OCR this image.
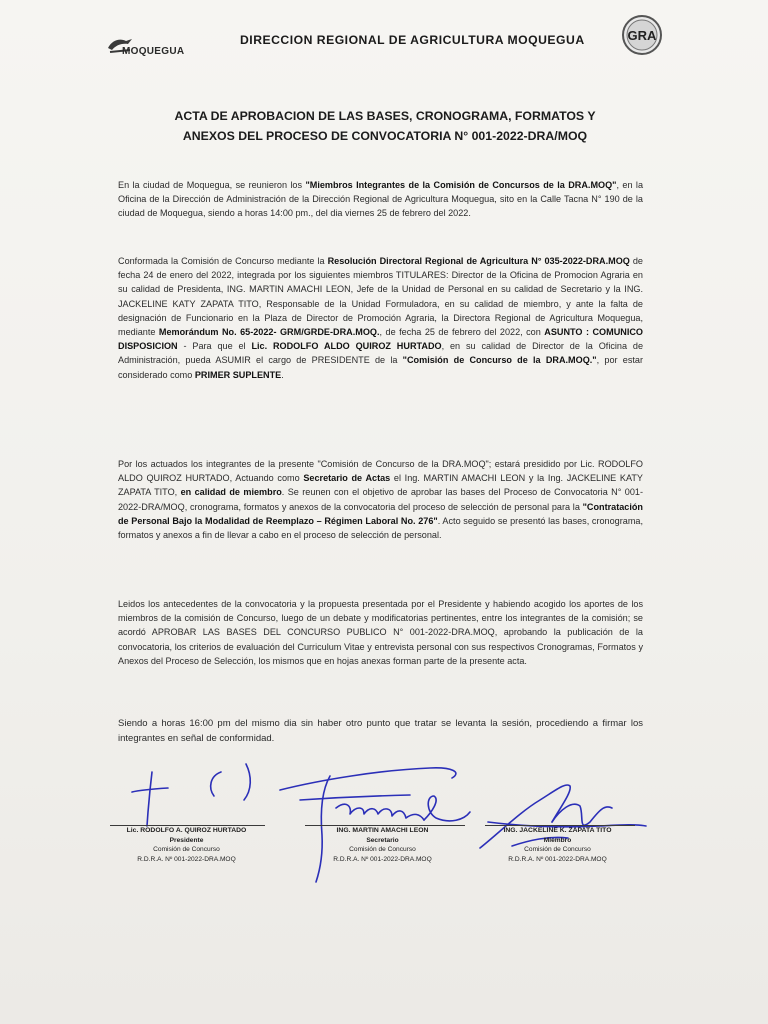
MOQUEGUA
DIRECCION REGIONAL DE AGRICULTURA MOQUEGUA	GRA
ACTA DE APROBACION DE LAS BASES, CRONOGRAMA, FORMATOS Y
ANEXOS DEL PROCESO DE CONVOCATORIA N° 001-2022-DRA/MOQ
En la ciudad de Moquegua, se reunieron los "Miembros Integrantes de la Comisión de Concursos de la DRA.MOQ", en la Oficina de la Dirección de Administración de la Dirección Regional de Agricultura Moquegua, sito en la Calle Tacna N° 190 de la ciudad de Moquegua, siendo a horas 14:00 pm., del dia viernes 25 de febrero del 2022.
Conformada la Comisión de Concurso mediante la Resolución Directoral Regional de Agricultura N° 035-2022-DRA.MOQ de fecha 24 de enero del 2022, integrada por los siguientes miembros TITULARES: Director de la Oficina de Promocion Agraria en su calidad de Presidenta, ING. MARTIN AMACHI LEON, Jefe de la Unidad de Personal en su calidad de Secretario y la ING. JACKELINE KATY ZAPATA TITO, Responsable de la Unidad Formuladora, en su calidad de miembro, y ante la falta de designación de Funcionario en la Plaza de Director de Promoción Agraria, la Directora Regional de Agricultura Moquegua, mediante Memorándum No. 65-2022- GRM/GRDE-DRA.MOQ., de fecha 25 de febrero del 2022, con ASUNTO : COMUNICO DISPOSICION - Para que el Lic. RODOLFO ALDO QUIROZ HURTADO, en su calidad de Director de la Oficina de Administración, pueda ASUMIR el cargo de PRESIDENTE de la "Comisión de Concurso de la DRA.MOQ.", por estar considerado como PRIMER SUPLENTE.
Por los actuados los integrantes de la presente "Comisión de Concurso de la DRA.MOQ"; estará presidido por Lic. RODOLFO ALDO QUIROZ HURTADO, Actuando como Secretario de Actas el Ing. MARTIN AMACHI LEON y la Ing. JACKELINE KATY ZAPATA TITO, en calidad de miembro. Se reunen con el objetivo de aprobar las bases del Proceso de Convocatoria N° 001-2022-DRA/MOQ, cronograma, formatos y anexos de la convocatoria del proceso de selección de personal para la "Contratación de Personal Bajo la Modalidad de Reemplazo – Régimen Laboral No. 276". Acto seguido se presentó las bases, cronograma, formatos y anexos a fin de llevar a cabo en el proceso de selección de personal.
Leidos los antecedentes de la convocatoria y la propuesta presentada por el Presidente y habiendo acogido los aportes de los miembros de la comisión de Concurso, luego de un debate y modificatorias pertinentes, entre los integrantes de la comisión; se acordó APROBAR LAS BASES DEL CONCURSO PUBLICO N° 001-2022-DRA.MOQ, aprobando la publicación de la convocatoria, los criterios de evaluación del Curriculum Vitae y entrevista personal con sus respectivos Cronogramas, Formatos y Anexos del Proceso de Selección, los mismos que en hojas anexas forman parte de la presente acta.
Siendo a horas 16:00 pm del mismo dia sin haber otro punto que tratar se levanta la sesión, procediendo a firmar los integrantes en señal de conformidad.
Lic. RODOLFO A. QUIROZ HURTADO
Presidente
Comisión de Concurso
R.D.R.A. Nº 001-2022-DRA.MOQ
ING. MARTIN AMACHI LEON
Secretario
Comisión de Concurso
R.D.R.A. Nº 001-2022-DRA.MOQ
ING. JACKELINE K. ZAPATA TITO
Miembro
Comisión de Concurso
R.D.R.A. Nº 001-2022-DRA.MOQ
